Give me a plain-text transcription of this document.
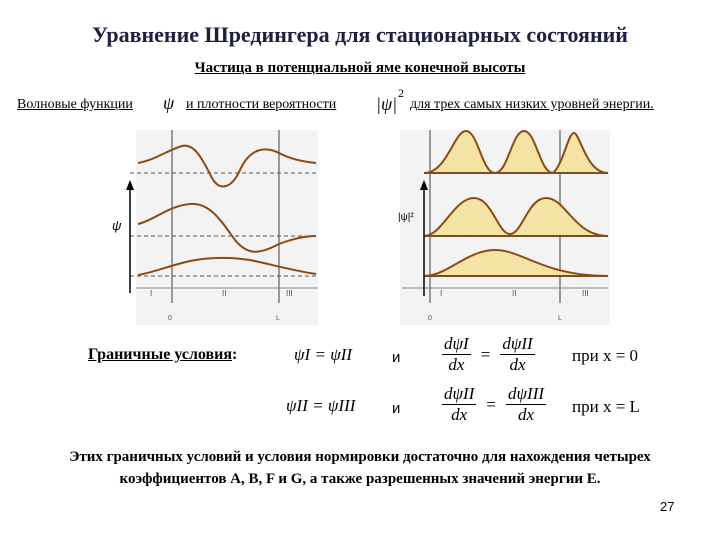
Уравнение Шредингера для стационарных состояний
Частица в потенциальной яме конечной высоты
Волновые функции ψ и плотности вероятности |ψ|
2
для трех самых низких уровней энергии.
ψ
I	II	III
0	L
|ψ|²
I	II	III
0	L
Граничные условия:	ψI = ψII	и $\frac{\text{dψI}}{dx} = \frac{\text{dψII}}{dx}$ при x = 0
ψII = ψIII и $\frac{\text{dψII}}{dx} = \frac{\text{dψIII}}{dx}$ при x = L
Этих граничных условий и условия нормировки достаточно для нахождения четырех коэффициентов A, B, F и G, а также разрешенных значений энергии E.
27
